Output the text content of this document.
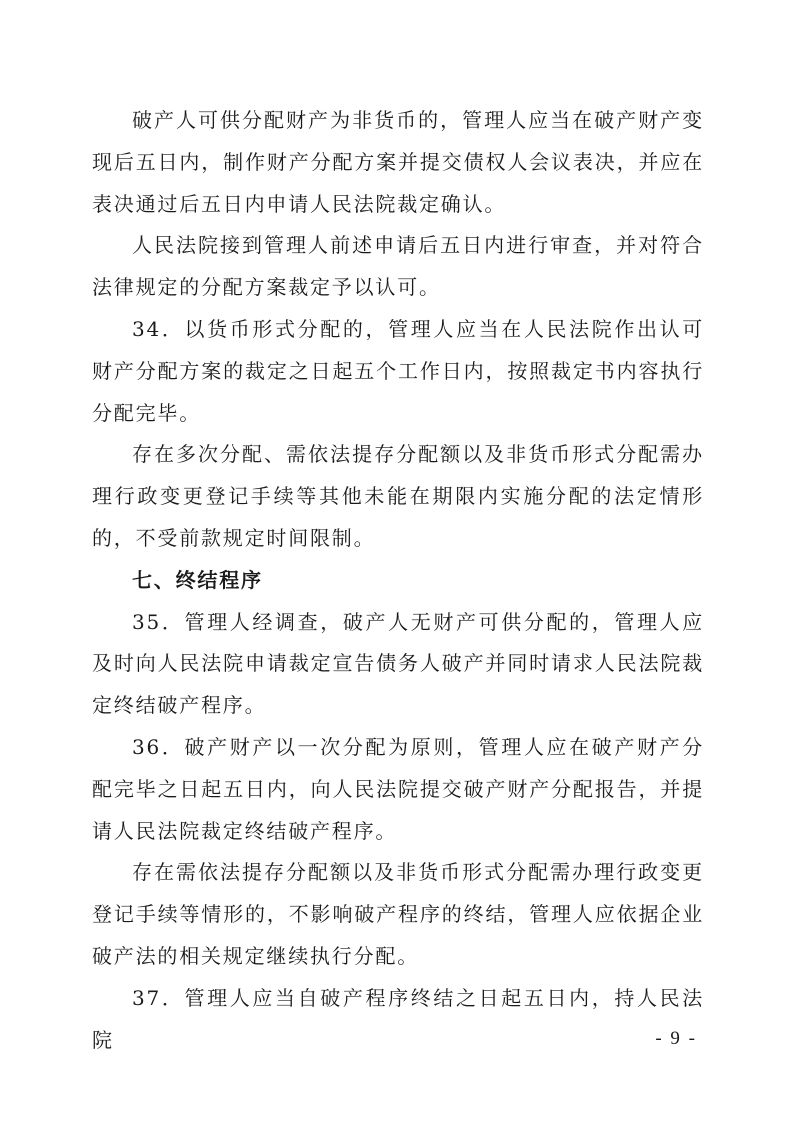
破产人可供分配财产为非货币的，管理人应当在破产财产变现后五日内，制作财产分配方案并提交债权人会议表决，并应在表决通过后五日内申请人民法院裁定确认。

人民法院接到管理人前述申请后五日内进行审查，并对符合法律规定的分配方案裁定予以认可。

34．以货币形式分配的，管理人应当在人民法院作出认可财产分配方案的裁定之日起五个工作日内，按照裁定书内容执行分配完毕。

存在多次分配、需依法提存分配额以及非货币形式分配需办理行政变更登记手续等其他未能在期限内实施分配的法定情形的，不受前款规定时间限制。

七、终结程序

35．管理人经调查，破产人无财产可供分配的，管理人应及时向人民法院申请裁定宣告债务人破产并同时请求人民法院裁定终结破产程序。

36．破产财产以一次分配为原则，管理人应在破产财产分配完毕之日起五日内，向人民法院提交破产财产分配报告，并提请人民法院裁定终结破产程序。

存在需依法提存分配额以及非货币形式分配需办理行政变更登记手续等情形的，不影响破产程序的终结，管理人应依据企业破产法的相关规定继续执行分配。

37．管理人应当自破产程序终结之日起五日内，持人民法院	- 9 -
